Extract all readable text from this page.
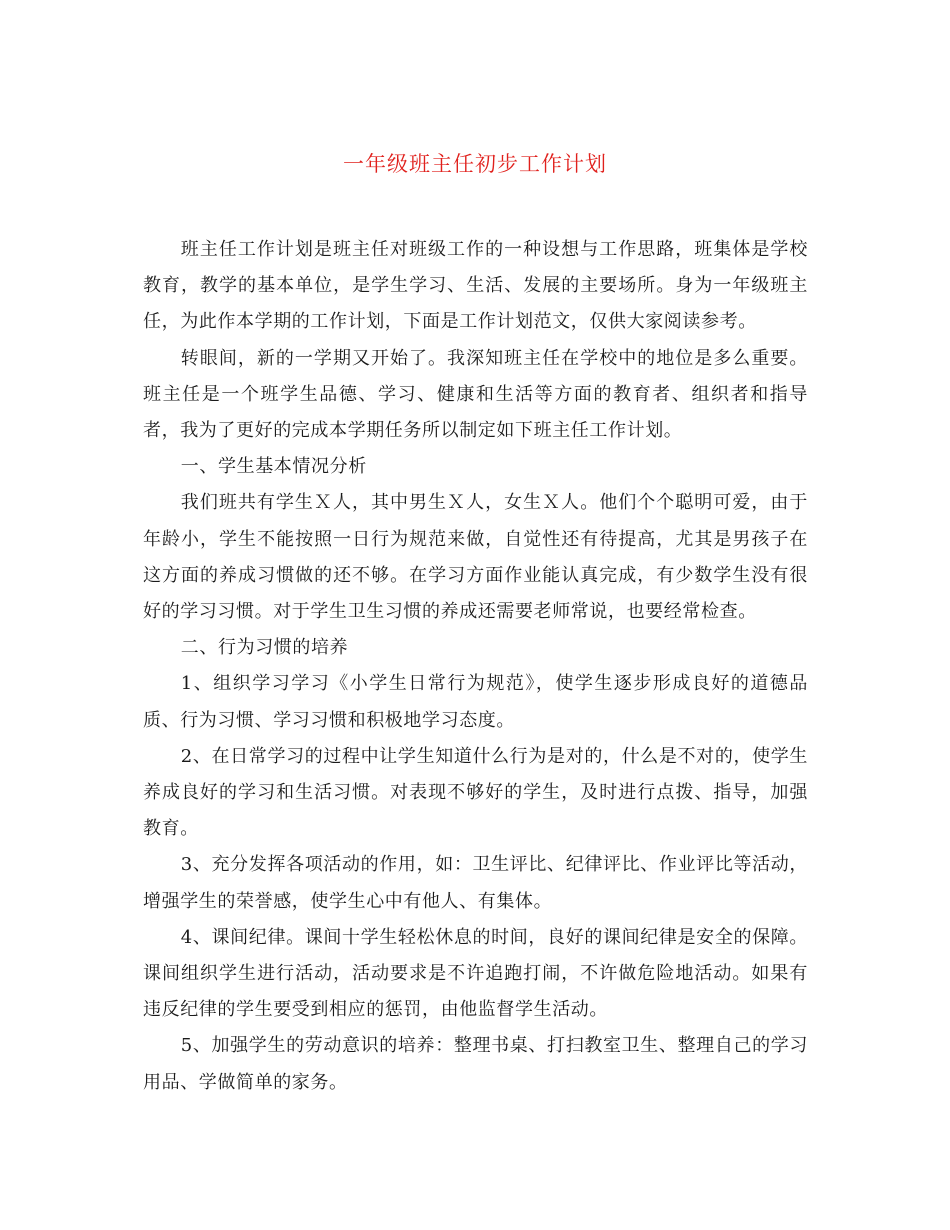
一年级班主任初步工作计划

班主任工作计划是班主任对班级工作的一种设想与工作思路，班集体是学校教育，教学的基本单位，是学生学习、生活、发展的主要场所。身为一年级班主任，为此作本学期的工作计划，下面是工作计划范文，仅供大家阅读参考。

转眼间，新的一学期又开始了。我深知班主任在学校中的地位是多么重要。班主任是一个班学生品德、学习、健康和生活等方面的教育者、组织者和指导者，我为了更好的完成本学期任务所以制定如下班主任工作计划。

一、学生基本情况分析

我们班共有学生Ｘ人，其中男生Ｘ人，女生Ｘ人。他们个个聪明可爱，由于年龄小，学生不能按照一日行为规范来做，自觉性还有待提高，尤其是男孩子在这方面的养成习惯做的还不够。在学习方面作业能认真完成，有少数学生没有很好的学习习惯。对于学生卫生习惯的养成还需要老师常说，也要经常检查。

二、行为习惯的培养

1、组织学习学习《小学生日常行为规范》，使学生逐步形成良好的道德品质、行为习惯、学习习惯和积极地学习态度。

2、在日常学习的过程中让学生知道什么行为是对的，什么是不对的，使学生养成良好的学习和生活习惯。对表现不够好的学生，及时进行点拨、指导，加强教育。

3、充分发挥各项活动的作用，如：卫生评比、纪律评比、作业评比等活动，增强学生的荣誉感，使学生心中有他人、有集体。

4、课间纪律。课间十学生轻松休息的时间，良好的课间纪律是安全的保障。课间组织学生进行活动，活动要求是不许追跑打闹，不许做危险地活动。如果有违反纪律的学生要受到相应的惩罚，由他监督学生活动。

5、加强学生的劳动意识的培养：整理书桌、打扫教室卫生、整理自己的学习用品、学做简单的家务。
